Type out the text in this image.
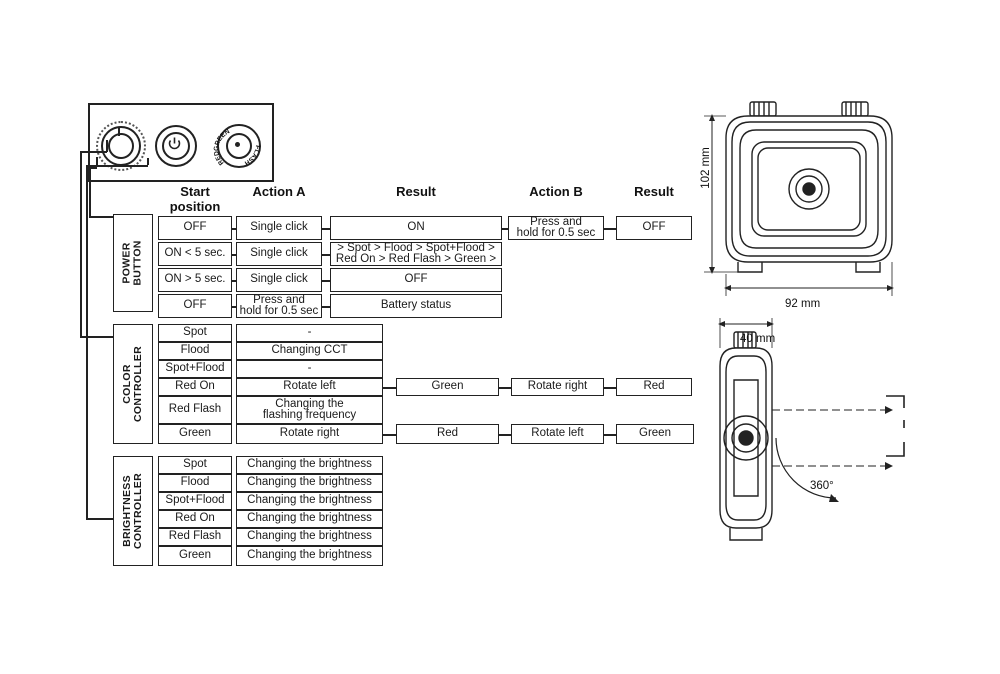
GREEN
RED
FLASH
Start
position
Action A	Result	Action B	Result
POWER
BUTTON
OFF	Single click	ON	Press and
hold for 0.5 sec	OFF
ON < 5 sec.	Single click	> Spot > Flood > Spot+Flood >
Red On > Red Flash > Green >
ON > 5 sec.	Single click	OFF
OFF	Press and
hold for 0.5 sec	Battery status
COLOR
CONTROLLER
Spot	-
Flood	Changing CCT
Spot+Flood	-
Red On	Rotate left	Green	Rotate right	Red
Red Flash	Changing the
flashing frequency
Green	Rotate right	Red	Rotate left	Green
BRIGHTNESS
CONTROLLER
Spot	Changing the brightness
Flood	Changing the brightness
Spot+Flood	Changing the brightness
Red On	Changing the brightness
Red Flash	Changing the brightness
Green	Changing the brightness
102 mm
92 mm
40 mm
360°
